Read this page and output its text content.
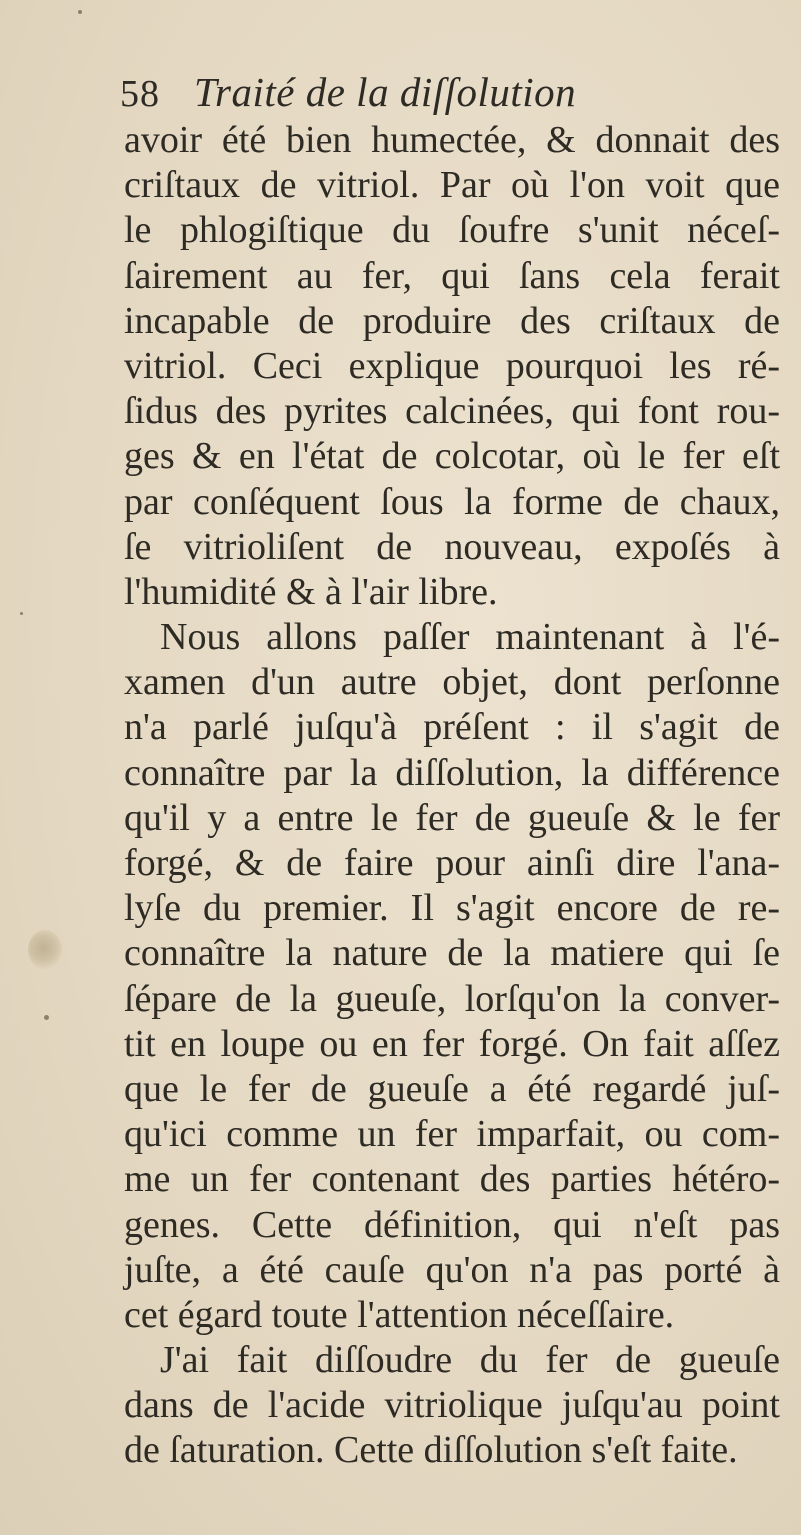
58 Traité de la diſſolution
avoir été bien humectée, & donnait des
criſtaux de vitriol. Par où l'on voit que
le phlogiſtique du ſoufre s'unit néceſ-
ſairement au fer, qui ſans cela ferait
incapable de produire des criſtaux de
vitriol. Ceci explique pourquoi les ré-
ſidus des pyrites calcinées, qui font rou-
ges & en l'état de colcotar, où le fer eſt
par conſéquent ſous la forme de chaux,
ſe vitrioliſent de nouveau, expoſés à
l'humidité & à l'air libre.
Nous allons paſſer maintenant à l'é-
xamen d'un autre objet, dont perſonne
n'a parlé juſqu'à préſent : il s'agit de
connaître par la diſſolution, la différence
qu'il y a entre le fer de gueuſe & le fer
forgé, & de faire pour ainſi dire l'ana-
lyſe du premier. Il s'agit encore de re-
connaître la nature de la matiere qui ſe
ſépare de la gueuſe, lorſqu'on la conver-
tit en loupe ou en fer forgé. On fait aſſez
que le fer de gueuſe a été regardé juſ-
qu'ici comme un fer imparfait, ou com-
me un fer contenant des parties hétéro-
genes. Cette définition, qui n'eſt pas
juſte, a été cauſe qu'on n'a pas porté à
cet égard toute l'attention néceſſaire.
J'ai fait diſſoudre du fer de gueuſe
dans de l'acide vitriolique juſqu'au point
de ſaturation. Cette diſſolution s'eſt faite.
